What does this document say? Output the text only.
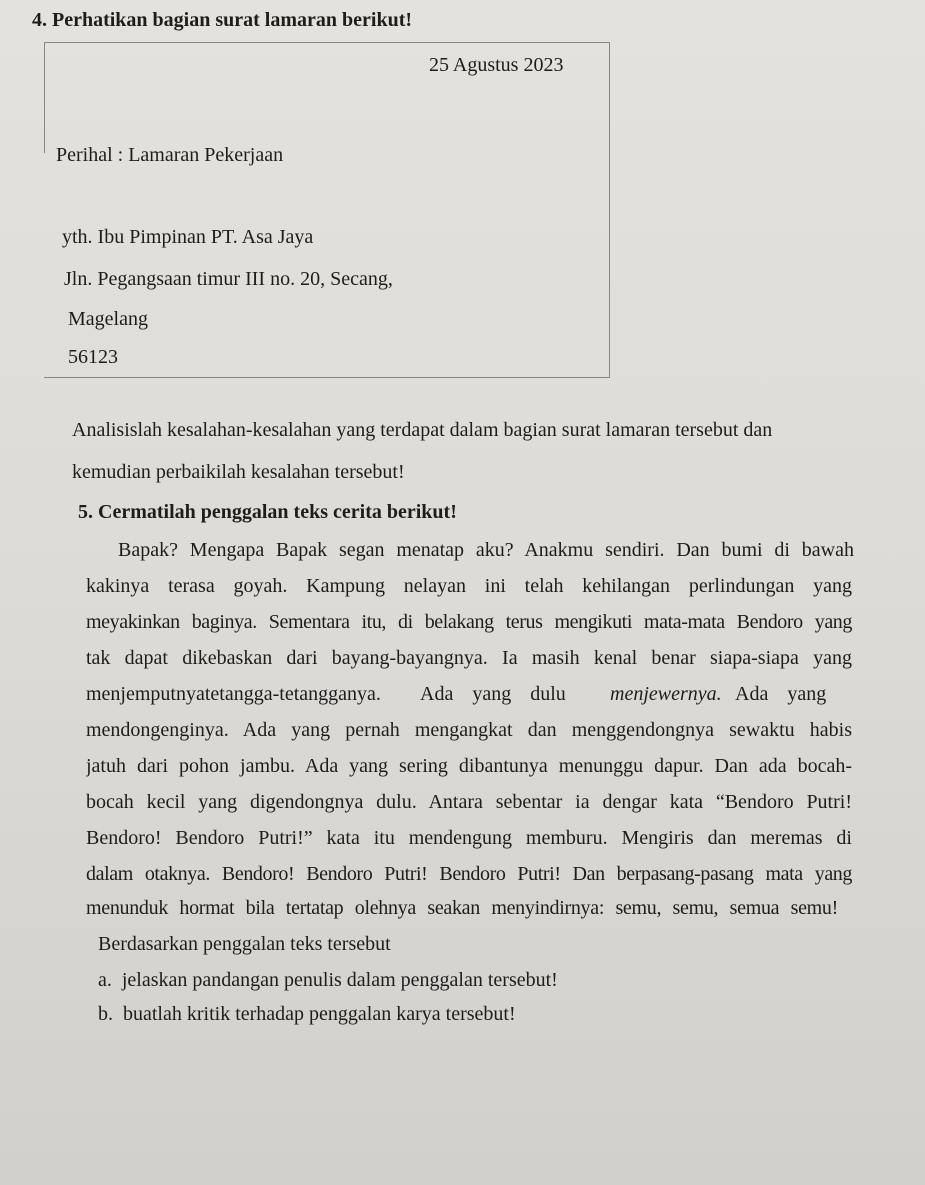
4. Perhatikan bagian surat lamaran berikut!
25 Agustus 2023
Perihal : Lamaran Pekerjaan
yth. Ibu Pimpinan PT. Asa Jaya
Jln. Pegangsaan timur III no. 20, Secang,
Magelang
56123
Analisislah kesalahan-kesalahan yang terdapat dalam bagian surat lamaran tersebut dan
kemudian perbaikilah kesalahan tersebut!
5. Cermatilah penggalan teks cerita berikut!
Bapak? Mengapa Bapak segan menatap aku? Anakmu sendiri. Dan bumi di bawah
kakinya terasa goyah. Kampung nelayan ini telah kehilangan perlindungan yang
meyakinkan baginya. Sementara itu, di belakang terus mengikuti mata-mata Bendoro yang
tak dapat dikebaskan dari bayang-bayangnya. Ia masih kenal benar siapa-siapa yang
menjemputnyatetangga-tetangganya. Ada yang dulu menjewernya. Ada yang
mendongenginya. Ada yang pernah mengangkat dan menggendongnya sewaktu habis
jatuh dari pohon jambu. Ada yang sering dibantunya menunggu dapur. Dan ada bocah-
bocah kecil yang digendongnya dulu. Antara sebentar ia dengar kata “Bendoro Putri!
Bendoro! Bendoro Putri!” kata itu mendengung memburu. Mengiris dan meremas di
dalam otaknya. Bendoro! Bendoro Putri! Bendoro Putri! Dan berpasang-pasang mata yang
menunduk hormat bila tertatap olehnya seakan menyindirnya: semu, semu, semua semu!
Berdasarkan penggalan teks tersebut
a.  jelaskan pandangan penulis dalam penggalan tersebut!
b.  buatlah kritik terhadap penggalan karya tersebut!
